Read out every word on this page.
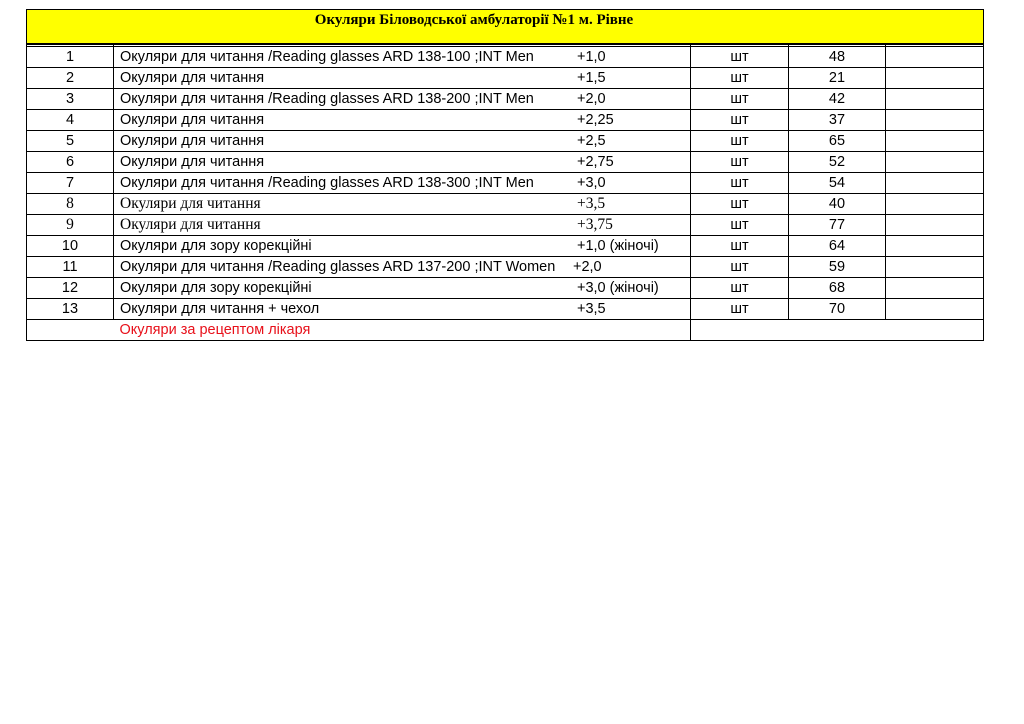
Окуляри Біловодської амбулаторії №1 м. Рівне				

1	Окуляри для читання /Reading glasses ARD 138-100 ;INT Men +1,0	шт	48	
2	Окуляри для читання +1,5	шт	21	
3	Окуляри для читання /Reading glasses ARD 138-200 ;INT Men +2,0	шт	42	
4	Окуляри для читання +2,25	шт	37	
5	Окуляри для читання +2,5	шт	65	
6	Окуляри для читання +2,75	шт	52	
7	Окуляри для читання /Reading glasses ARD 138-300 ;INT Men +3,0	шт	54	
8	Окуляри для читання +3,5	шт	40	
9	Окуляри для читання +3,75	шт	77	
10	Окуляри для зору корекційні +1,0 (жіночі)	шт	64	
11	Окуляри для читання /Reading glasses ARD 137-200 ;INT Women +2,0	шт	59	
12	Окуляри для зору корекційні +3,0 (жіночі)	шт	68	
13	Окуляри для читання + чехол +3,5	шт	70	

	Окуляри за рецептом лікаря			
